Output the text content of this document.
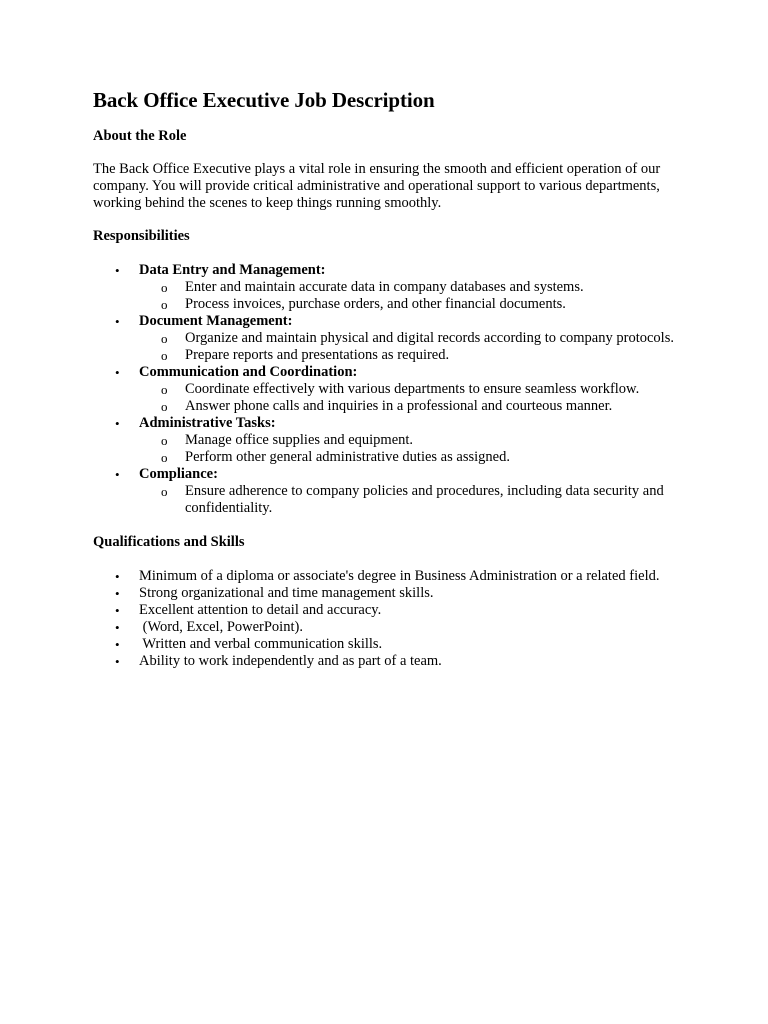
Back Office Executive Job Description
About the Role

The Back Office Executive plays a vital role in ensuring the smooth and efficient operation of our company. You will provide critical administrative and operational support to various departments, working behind the scenes to keep things running smoothly.

Responsibilities
• Data Entry and Management:
o Enter and maintain accurate data in company databases and systems.
o Process invoices, purchase orders, and other financial documents.
• Document Management:
o Organize and maintain physical and digital records according to company protocols.
o Prepare reports and presentations as required.
• Communication and Coordination:
o Coordinate effectively with various departments to ensure seamless workflow.
o Answer phone calls and inquiries in a professional and courteous manner.
• Administrative Tasks:
o Manage office supplies and equipment.
o Perform other general administrative duties as assigned.
• Compliance:
o Ensure adherence to company policies and procedures, including data security and confidentiality.
Qualifications and Skills
• Minimum of a diploma or associate's degree in Business Administration or a related field.
• Strong organizational and time management skills.
• Excellent attention to detail and accuracy.
• (Word, Excel, PowerPoint).
• Written and verbal communication skills.
• Ability to work independently and as part of a team.
